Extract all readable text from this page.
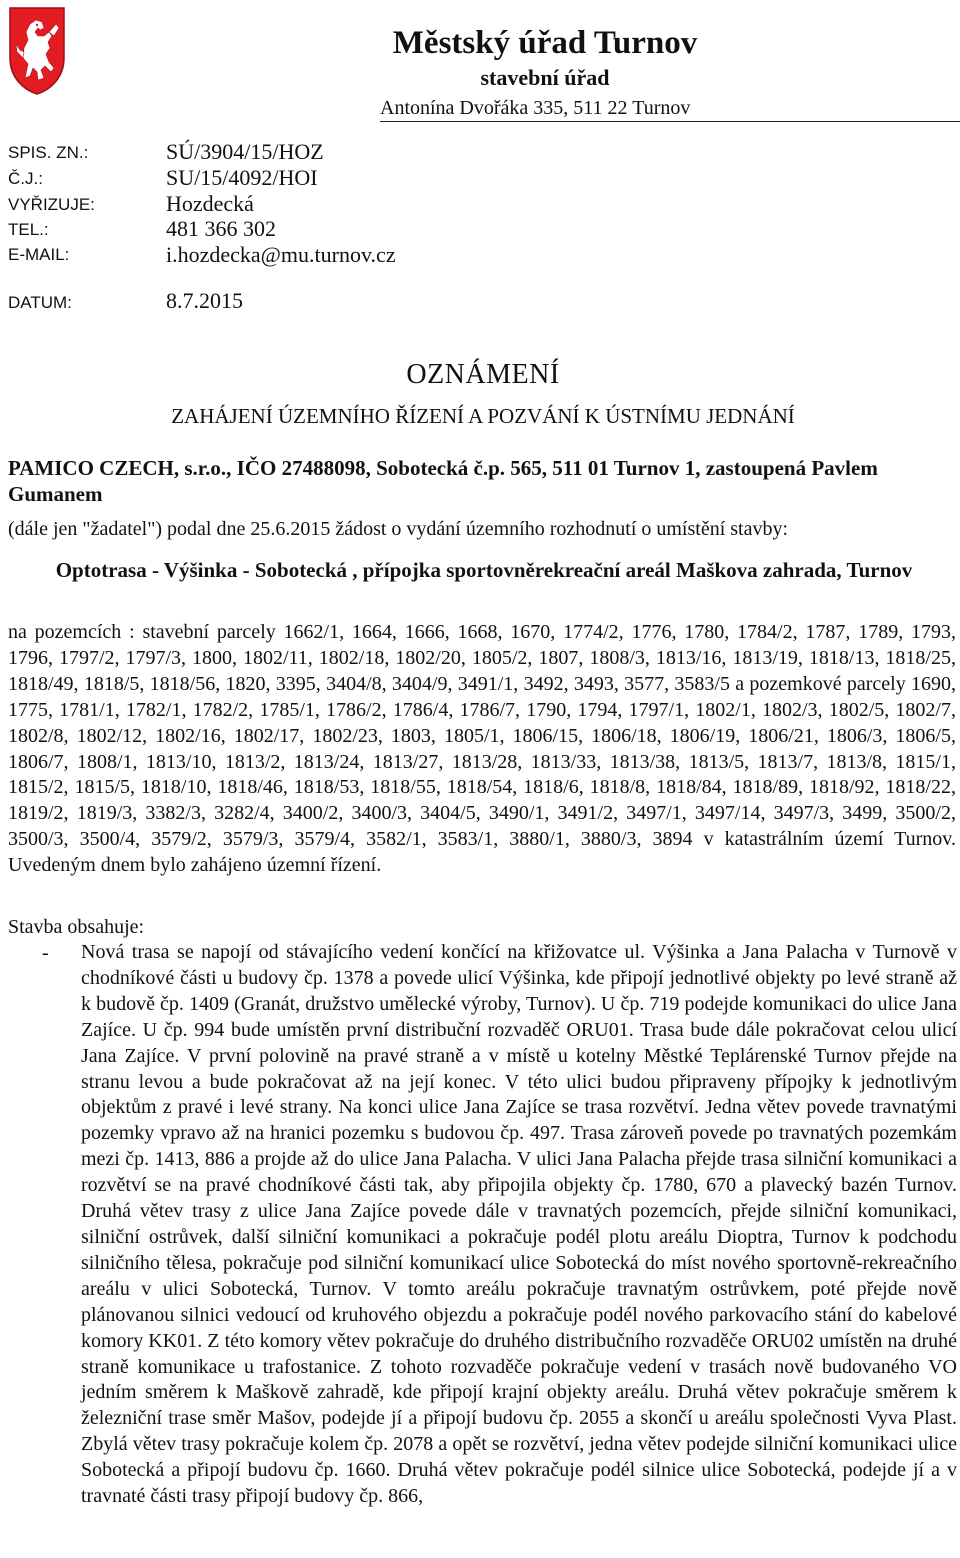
Městský úřad Turnov
stavební úřad
Antonína Dvořáka 335, 511 22 Turnov
SPIS. ZN.:	SÚ/3904/15/HOZ
Č.J.:	SU/15/4092/HOI
VYŘIZUJE:	Hozdecká
TEL.:	481 366 302
E-MAIL:	i.hozdecka@mu.turnov.cz
DATUM:	8.7.2015
OZNÁMENÍ
ZAHÁJENÍ ÚZEMNÍHO ŘÍZENÍ A POZVÁNÍ K ÚSTNÍMU JEDNÁNÍ
PAMICO CZECH, s.r.o., IČO 27488098, Sobotecká č.p. 565, 511 01 Turnov 1, zastoupená Pavlem Gumanem
(dále jen "žadatel") podal dne 25.6.2015 žádost o vydání územního rozhodnutí o umístění stavby:
Optotrasa - Výšinka - Sobotecká , přípojka sportovněrekreační areál Maškova zahrada, Turnov
na pozemcích : stavební parcely 1662/1, 1664, 1666, 1668, 1670, 1774/2, 1776, 1780, 1784/2, 1787, 1789, 1793, 1796, 1797/2, 1797/3, 1800, 1802/11, 1802/18, 1802/20, 1805/2, 1807, 1808/3, 1813/16, 1813/19, 1818/13, 1818/25, 1818/49, 1818/5, 1818/56, 1820, 3395, 3404/8, 3404/9, 3491/1, 3492, 3493, 3577, 3583/5 a pozemkové parcely 1690, 1775, 1781/1, 1782/1, 1782/2, 1785/1, 1786/2, 1786/4, 1786/7, 1790, 1794, 1797/1, 1802/1, 1802/3, 1802/5, 1802/7, 1802/8, 1802/12, 1802/16, 1802/17, 1802/23, 1803, 1805/1, 1806/15, 1806/18, 1806/19, 1806/21, 1806/3, 1806/5, 1806/7, 1808/1, 1813/10, 1813/2, 1813/24, 1813/27, 1813/28, 1813/33, 1813/38, 1813/5, 1813/7, 1813/8, 1815/1, 1815/2, 1815/5, 1818/10, 1818/46, 1818/53, 1818/55, 1818/54, 1818/6, 1818/8, 1818/84, 1818/89, 1818/92, 1818/22, 1819/2, 1819/3, 3382/3, 3282/4, 3400/2, 3400/3, 3404/5, 3490/1, 3491/2, 3497/1, 3497/14, 3497/3, 3499, 3500/2, 3500/3, 3500/4, 3579/2, 3579/3, 3579/4, 3582/1, 3583/1, 3880/1, 3880/3, 3894 v katastrálním území Turnov. Uvedeným dnem bylo zahájeno územní řízení.
Stavba obsahuje:
- Nová trasa se napojí od stávajícího vedení končící na křižovatce ul. Výšinka a Jana Palacha v Turnově v chodníkové části u budovy čp. 1378 a povede ulicí Výšinka, kde připojí jednotlivé objekty po levé straně až k budově čp. 1409 (Granát, družstvo umělecké výroby, Turnov). U čp. 719 podejde komunikaci do ulice Jana Zajíce. U čp. 994 bude umístěn první distribuční rozvaděč ORU01. Trasa bude dále pokračovat celou ulicí Jana Zajíce. V první polovině na pravé straně a v místě u kotelny Městké Teplárenské Turnov přejde na stranu levou a bude pokračovat až na její konec. V této ulici budou připraveny přípojky k jednotlivým objektům z pravé i levé strany. Na konci ulice Jana Zajíce se trasa rozvětví. Jedna větev povede travnatými pozemky vpravo až na hranici pozemku s budovou čp. 497. Trasa zároveň povede po travnatých pozemkám mezi čp. 1413, 886 a projde až do ulice Jana Palacha. V ulici Jana Palacha přejde trasa silniční komunikaci a rozvětví se na pravé chodníkové části tak, aby připojila objekty čp. 1780, 670 a plavecký bazén Turnov. Druhá větev trasy z ulice Jana Zajíce povede dále v travnatých pozemcích, přejde silniční komunikaci, silniční ostrůvek, další silniční komunikaci a pokračuje podél plotu areálu Dioptra, Turnov k podchodu silničního tělesa, pokračuje pod silniční komunikací ulice Sobotecká do míst nového sportovně-rekreačního areálu v ulici Sobotecká, Turnov. V tomto areálu pokračuje travnatým ostrůvkem, poté přejde nově plánovanou silnici vedoucí od kruhového objezdu a pokračuje podél nového parkovacího stání do kabelové komory KK01. Z této komory větev pokračuje do druhého distribučního rozvaděče ORU02 umístěn na druhé straně komunikace u trafostanice. Z tohoto rozvaděče pokračuje vedení v trasách nově budovaného VO jedním směrem k Maškově zahradě, kde připojí krajní objekty areálu. Druhá větev pokračuje směrem k železniční trase směr Mašov, podejde jí a připojí budovu čp. 2055 a skončí u areálu společnosti Vyva Plast. Zbylá větev trasy pokračuje kolem čp. 2078 a opět se rozvětví, jedna větev podejde silniční komunikaci ulice Sobotecká a připojí budovu čp. 1660. Druhá větev pokračuje podél silnice ulice Sobotecká, podejde jí a v travnaté části trasy připojí budovy čp. 866,
